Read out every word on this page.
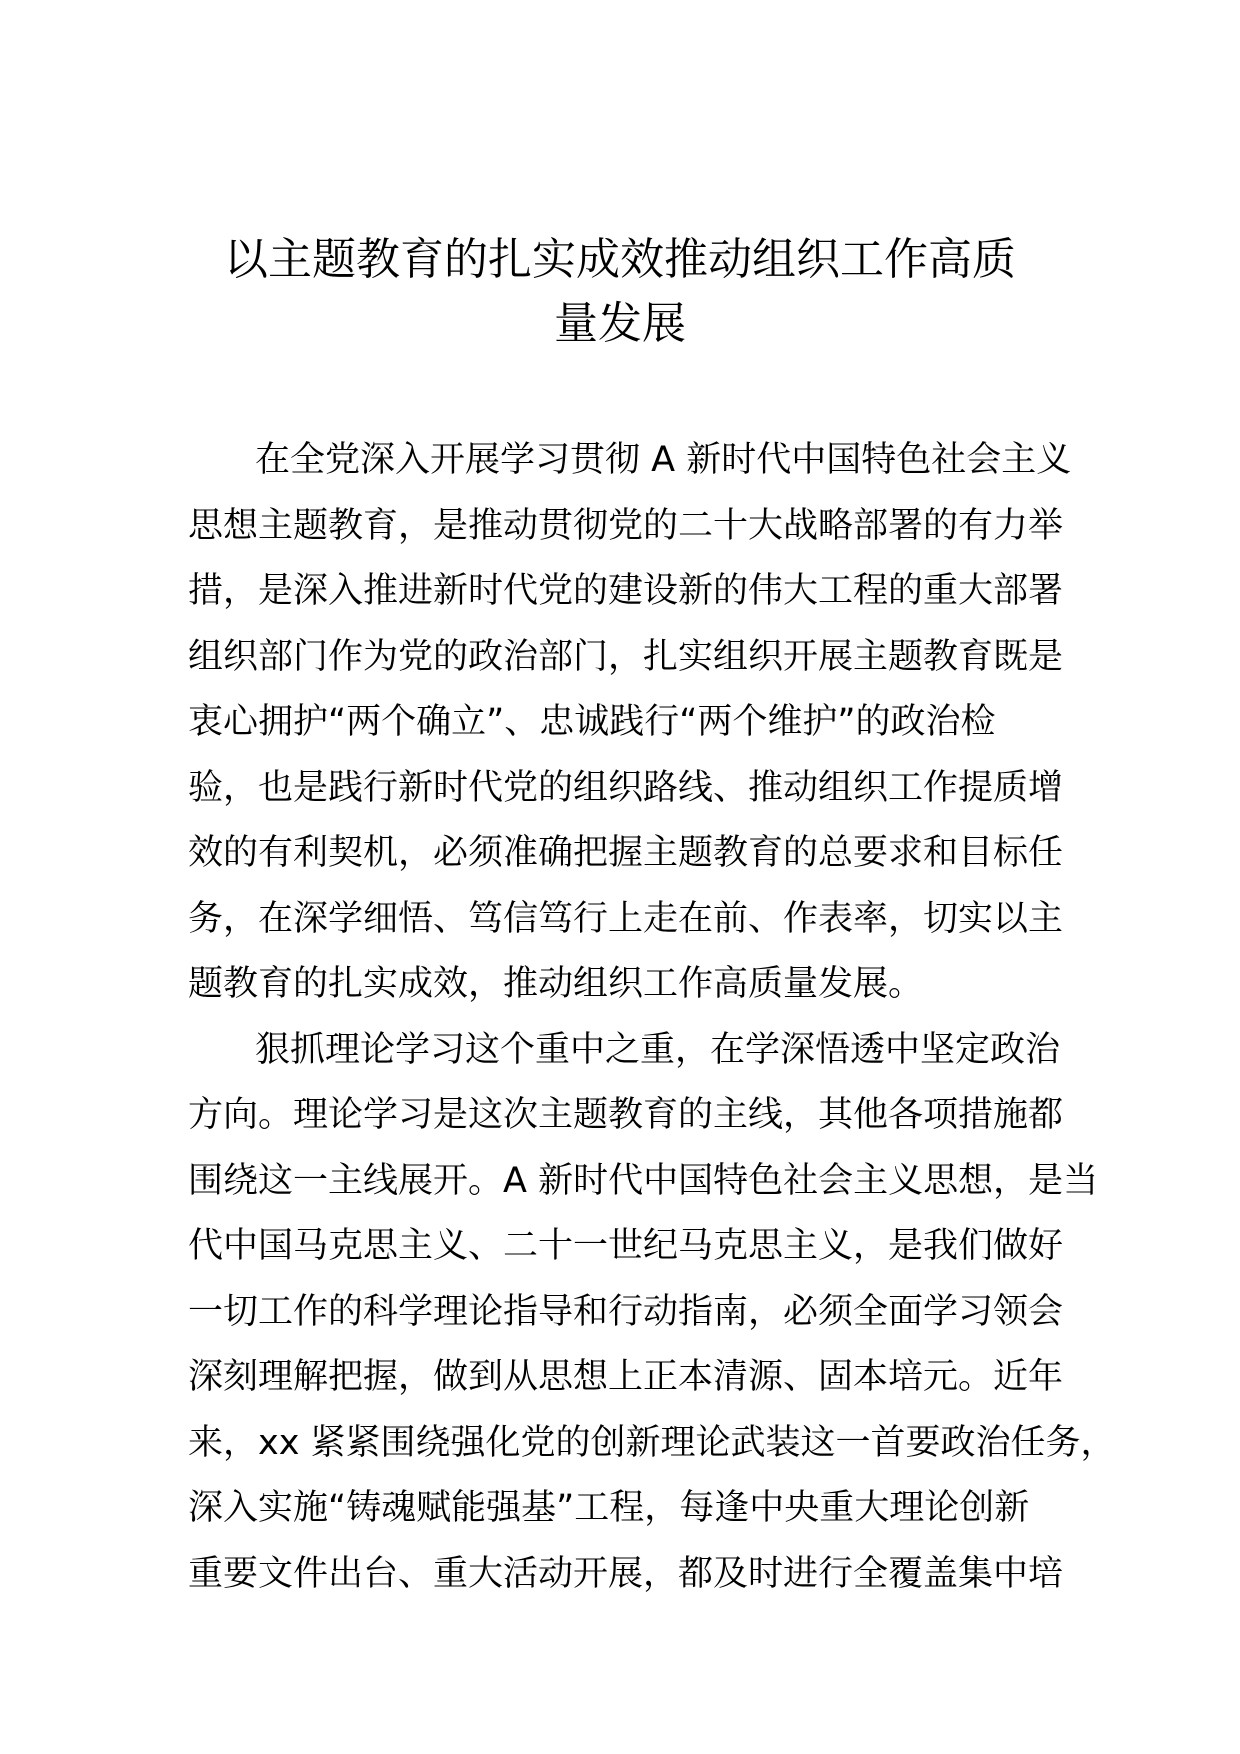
以主题教育的扎实成效推动组织工作高质
量发展
在全党深入开展学习贯彻 A 新时代中国特色社会主义
思想主题教育，是推动贯彻党的二十大战略部署的有力举
措，是深入推进新时代党的建设新的伟大工程的重大部署
组织部门作为党的政治部门，扎实组织开展主题教育既是
衷心拥护“两个确立”、忠诚践行“两个维护”的政治检
验，也是践行新时代党的组织路线、推动组织工作提质增
效的有利契机，必须准确把握主题教育的总要求和目标任
务，在深学细悟、笃信笃行上走在前、作表率，切实以主
题教育的扎实成效，推动组织工作高质量发展。
狠抓理论学习这个重中之重，在学深悟透中坚定政治
方向。理论学习是这次主题教育的主线，其他各项措施都
围绕这一主线展开。A 新时代中国特色社会主义思想，是当
代中国马克思主义、二十一世纪马克思主义，是我们做好
一切工作的科学理论指导和行动指南，必须全面学习领会
深刻理解把握，做到从思想上正本清源、固本培元。近年
来，xx 紧紧围绕强化党的创新理论武装这一首要政治任务，
深入实施“铸魂赋能强基”工程，每逢中央重大理论创新
重要文件出台、重大活动开展，都及时进行全覆盖集中培
